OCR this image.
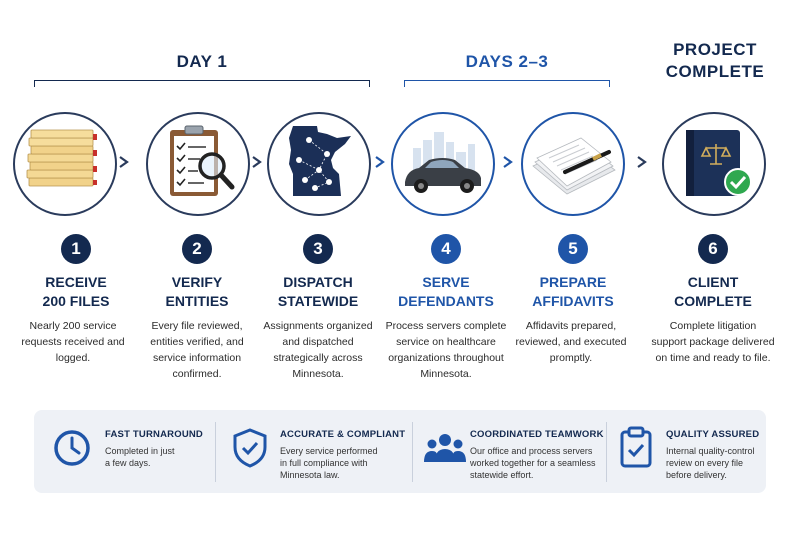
DAY 1	DAYS 2–3
PROJECT
COMPLETE
1	2	3	4	5	6
RECEIVE
200 FILES
VERIFY
ENTITIES
DISPATCH
STATEWIDE
SERVE
DEFENDANTS
PREPARE
AFFIDAVITS
CLIENT
COMPLETE
Nearly 200 service requests received and logged.
Every file reviewed, entities verified, and service information confirmed.
Assignments organized and dispatched strategically across Minnesota.
Process servers complete service on healthcare organizations throughout Minnesota.
Affidavits prepared, reviewed, and executed promptly.
Complete litigation support package delivered on time and ready to file.
FAST TURNAROUND
Completed in just
a few days.
ACCURATE & COMPLIANT
Every service performed
in full compliance with
Minnesota law.
COORDINATED TEAMWORK
Our office and process servers
worked together for a seamless
statewide effort.
QUALITY ASSURED
Internal quality-control
review on every file
before delivery.
